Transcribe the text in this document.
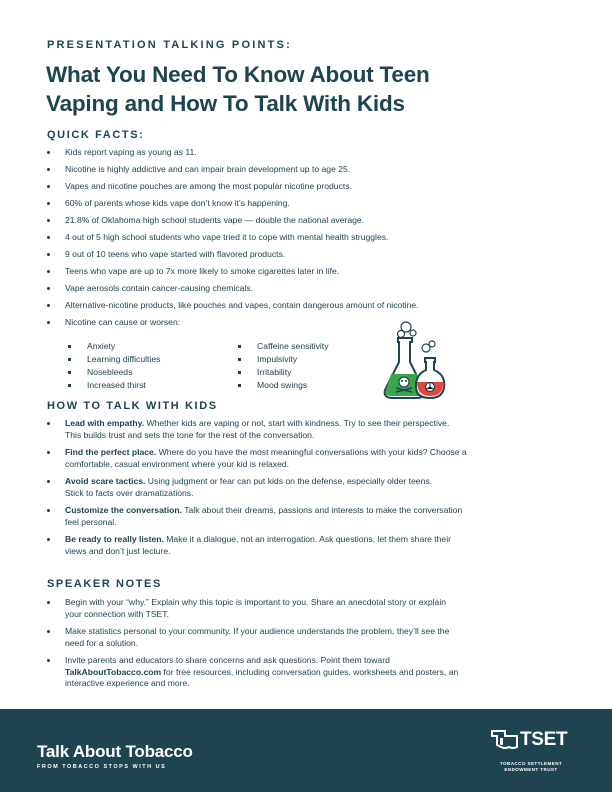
PRESENTATION TALKING POINTS:
What You Need To Know About Teen
Vaping and How To Talk With Kids
QUICK FACTS:
Kids report vaping as young as 11.
Nicotine is highly addictive and can impair brain development up to age 25.
Vapes and nicotine pouches are among the most popular nicotine products.
60% of parents whose kids vape don’t know it’s happening.
21.8% of Oklahoma high school students vape — double the national average.
4 out of 5 high school students who vape tried it to cope with mental health struggles.
9 out of 10 teens who vape started with flavored products.
Teens who vape are up to 7x more likely to smoke cigarettes later in life.
Vape aerosols contain cancer-causing chemicals.
Alternative-nicotine products, like pouches and vapes, contain dangerous amount of nicotine.
Nicotine can cause or worsen:
Anxiety
Learning difficulties
Nosebleeds
Increased thirst
Caffeine sensitivity
Impulsivity
Irritability
Mood swings
HOW TO TALK WITH KIDS
Lead with empathy. Whether kids are vaping or not, start with kindness. Try to see their perspective.
This builds trust and sets the tone for the rest of the conversation.
Find the perfect place. Where do you have the most meaningful conversations with your kids? Choose a
comfortable, casual environment where your kid is relaxed.
Avoid scare tactics. Using judgment or fear can put kids on the defense, especially older teens.
Stick to facts over dramatizations.
Customize the conversation. Talk about their dreams, passions and interests to make the conversation
feel personal.
Be ready to really listen. Make it a dialogue, not an interrogation. Ask questions, let them share their
views and don’t just lecture.
SPEAKER NOTES
Begin with your “why.” Explain why this topic is important to you. Share an anecdotal story or explain
your connection with TSET.
Make statistics personal to your community. If your audience understands the problem, they’ll see the
need for a solution.
Invite parents and educators to share concerns and ask questions. Point them toward
TalkAboutTobacco.com for free resources, including conversation guides, worksheets and posters, an
interactive experience and more.
Talk About Tobacco
FROM TOBACCO STOPS WITH US
TSET
TOBACCO SETTLEMENT
ENDOWMENT TRUST
